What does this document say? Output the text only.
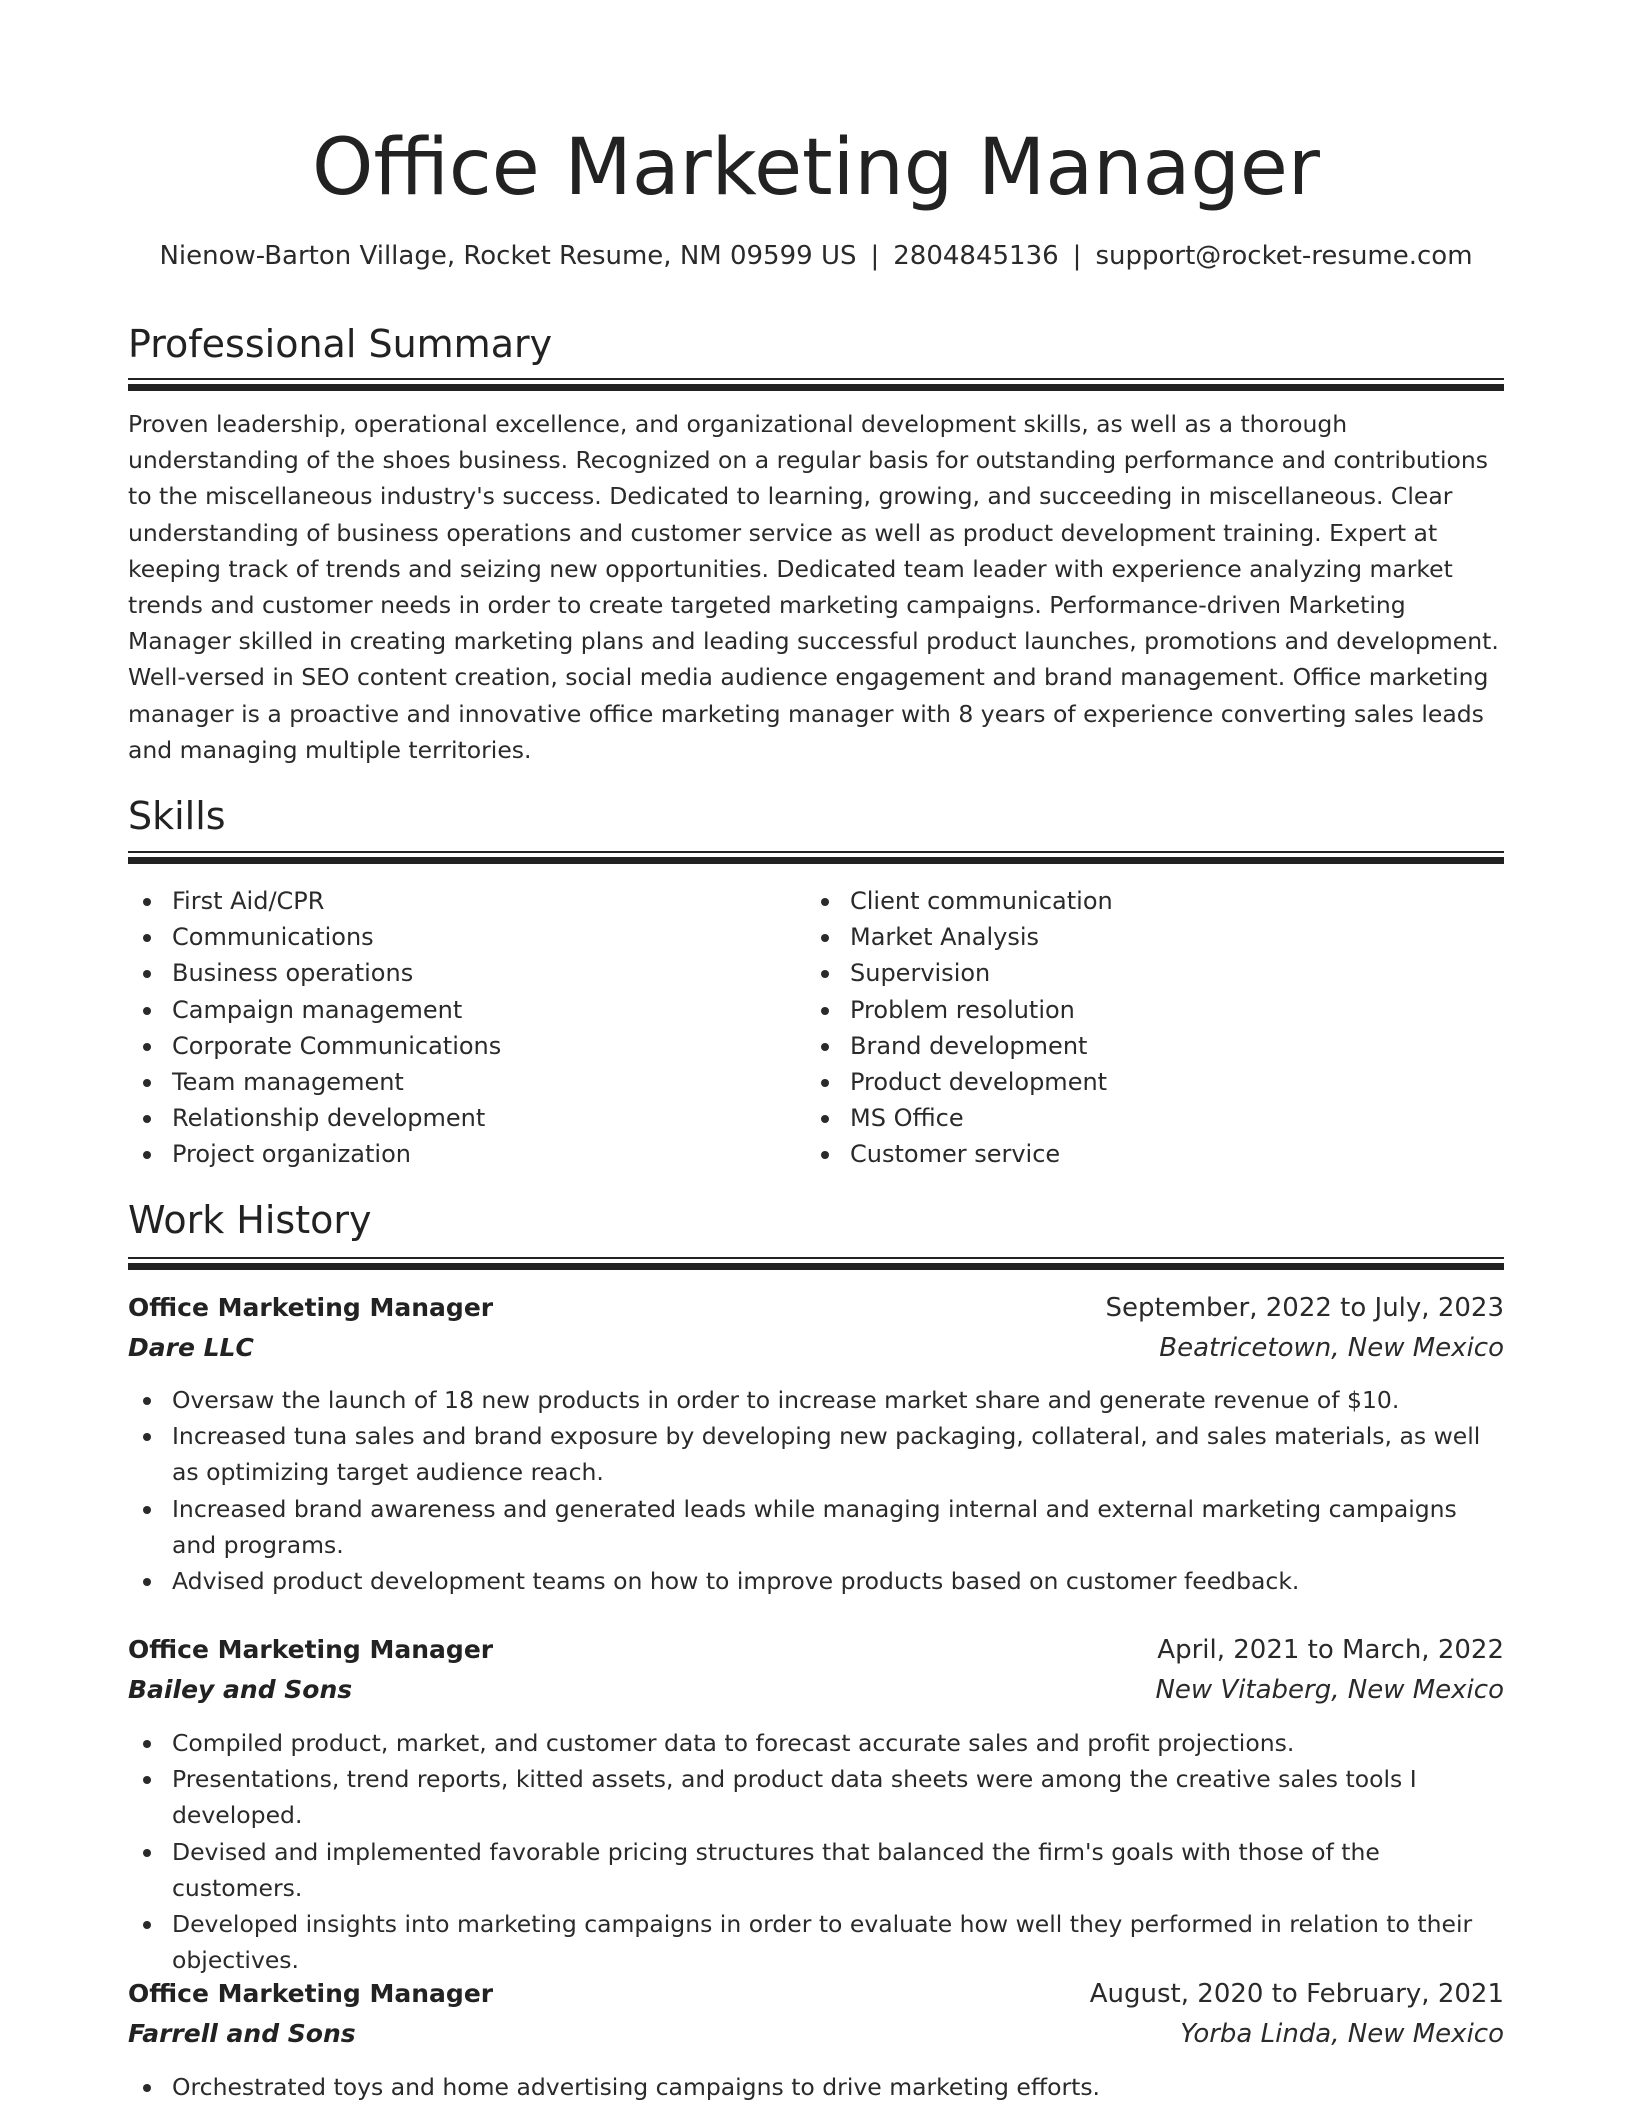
Office Marketing Manager
Nienow-Barton Village, Rocket Resume, NM 09599 US | 2804845136 | support@rocket-resume.com
Professional Summary

Proven leadership, operational excellence, and organizational development skills, as well as a thorough understanding of the shoes business. Recognized on a regular basis for outstanding performance and contributions to the miscellaneous industry's success. Dedicated to learning, growing, and succeeding in miscellaneous. Clear understanding of business operations and customer service as well as product development training. Expert at keeping track of trends and seizing new opportunities. Dedicated team leader with experience analyzing market trends and customer needs in order to create targeted marketing campaigns. Performance-driven Marketing Manager skilled in creating marketing plans and leading successful product launches, promotions and development. Well-versed in SEO content creation, social media audience engagement and brand management. Office marketing manager is a proactive and innovative office marketing manager with 8 years of experience converting sales leads and managing multiple territories.

Skills
First Aid/CPR
Communications
Business operations
Campaign management
Corporate Communications
Team management
Relationship development
Project organization
Client communication
Market Analysis
Supervision
Problem resolution
Brand development
Product development
MS Office
Customer service
Work History
Office Marketing Manager	September, 2022 to July, 2023
Dare LLC	Beatricetown, New Mexico
Oversaw the launch of 18 new products in order to increase market share and generate revenue of $10.
Increased tuna sales and brand exposure by developing new packaging, collateral, and sales materials, as well as optimizing target audience reach.
Increased brand awareness and generated leads while managing internal and external marketing campaigns and programs.
Advised product development teams on how to improve products based on customer feedback.
Office Marketing Manager	April, 2021 to March, 2022
Bailey and Sons	New Vitaberg, New Mexico
Compiled product, market, and customer data to forecast accurate sales and profit projections.
Presentations, trend reports, kitted assets, and product data sheets were among the creative sales tools I developed.
Devised and implemented favorable pricing structures that balanced the firm's goals with those of the customers.
Developed insights into marketing campaigns in order to evaluate how well they performed in relation to their objectives.
Office Marketing Manager	August, 2020 to February, 2021
Farrell and Sons	Yorba Linda, New Mexico
Orchestrated toys and home advertising campaigns to drive marketing efforts.
